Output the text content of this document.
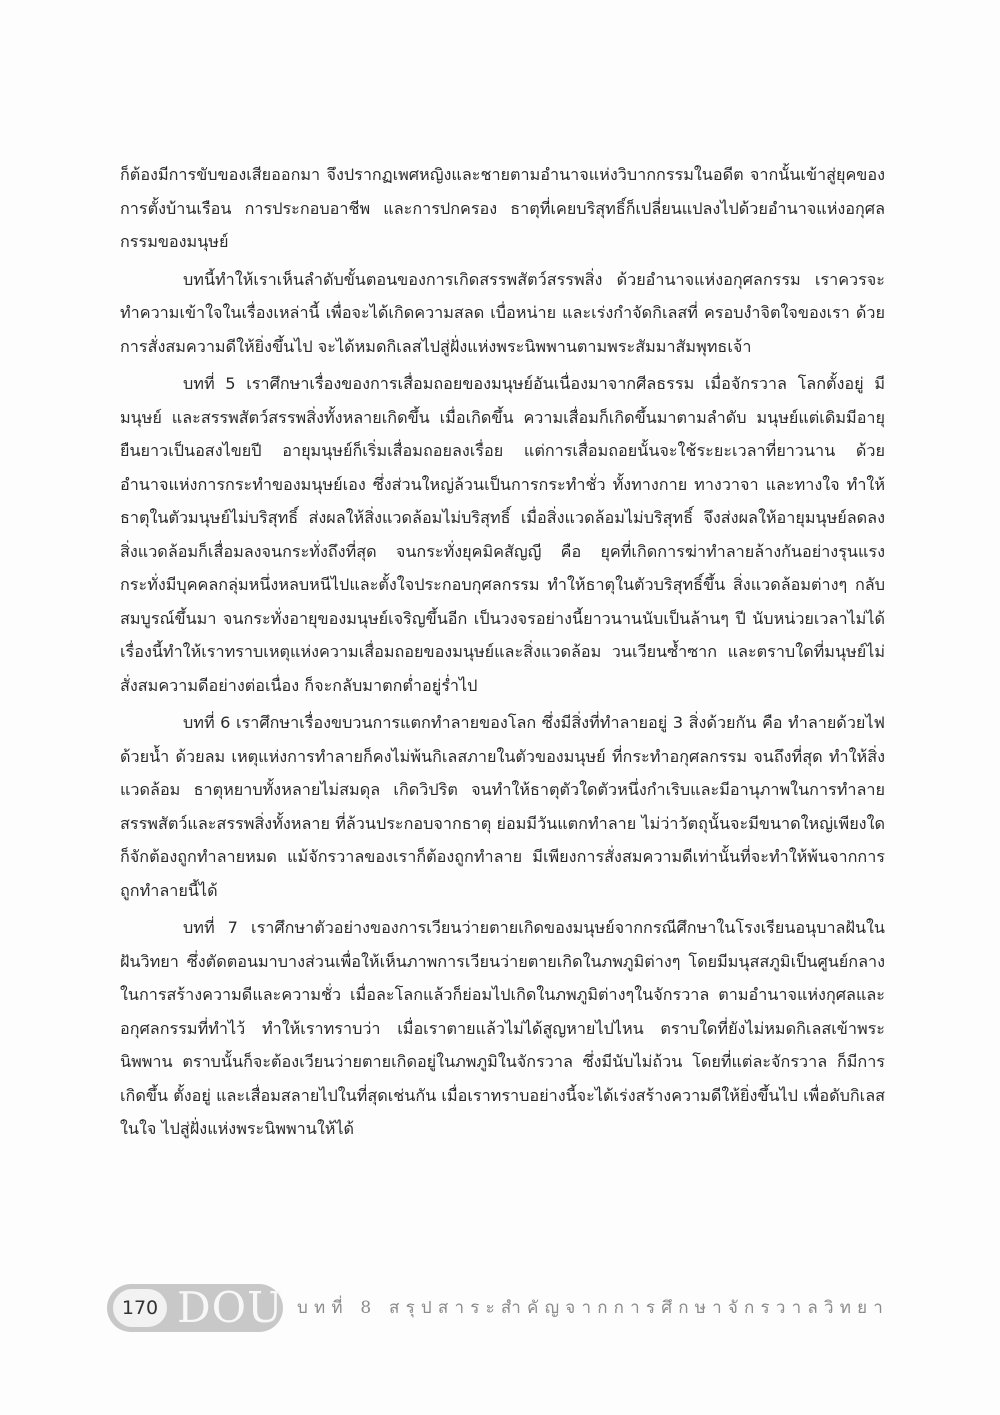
ก็ต้องมีการขับของเสียออกมา จึงปรากฏเพศหญิงและชายตามอำนาจแห่งวิบากกรรมในอดีต จากนั้นเข้าสู่ยุคของการตั้งบ้านเรือน การประกอบอาชีพ และการปกครอง ธาตุที่เคยบริสุทธิ์ก็เปลี่ยนแปลงไปด้วยอำนาจแห่งอกุศลกรรมของมนุษย์

บทนี้ทำให้เราเห็นลำดับขั้นตอนของการเกิดสรรพสัตว์สรรพสิ่ง ด้วยอำนาจแห่งอกุศลกรรม เราควรจะทำความเข้าใจในเรื่องเหล่านี้ เพื่อจะได้เกิดความสลด เบื่อหน่าย และเร่งกำจัดกิเลสที่ ครอบงำจิตใจของเรา ด้วยการสั่งสมความดีให้ยิ่งขึ้นไป จะได้หมดกิเลสไปสู่ฝั่งแห่งพระนิพพานตามพระสัมมาสัมพุทธเจ้า

บทที่ 5 เราศึกษาเรื่องของการเสื่อมถอยของมนุษย์อันเนื่องมาจากศีลธรรม เมื่อจักรวาล โลกตั้งอยู่ มีมนุษย์ และสรรพสัตว์สรรพสิ่งทั้งหลายเกิดขึ้น เมื่อเกิดขึ้น ความเสื่อมก็เกิดขึ้นมาตามลำดับ มนุษย์แต่เดิมมีอายุยืนยาวเป็นอสงไขยปี อายุมนุษย์ก็เริ่มเสื่อมถอยลงเรื่อย แต่การเสื่อมถอยนั้นจะใช้ระยะเวลาที่ยาวนาน ด้วยอำนาจแห่งการกระทำของมนุษย์เอง ซึ่งส่วนใหญ่ล้วนเป็นการกระทำชั่ว ทั้งทางกาย ทางวาจา และทางใจ ทำให้ธาตุในตัวมนุษย์ไม่บริสุทธิ์ ส่งผลให้สิ่งแวดล้อมไม่บริสุทธิ์ เมื่อสิ่งแวดล้อมไม่บริสุทธิ์ จึงส่งผลให้อายุมนุษย์ลดลง สิ่งแวดล้อมก็เสื่อมลงจนกระทั่งถึงที่สุด จนกระทั่งยุคมิคสัญญี คือ ยุคที่เกิดการฆ่าทำลายล้างกันอย่างรุนแรง กระทั่งมีบุคคลกลุ่มหนึ่งหลบหนีไปและตั้งใจประกอบกุศลกรรม ทำให้ธาตุในตัวบริสุทธิ์ขึ้น สิ่งแวดล้อมต่างๆ กลับสมบูรณ์ขึ้นมา จนกระทั่งอายุของมนุษย์เจริญขึ้นอีก เป็นวงจรอย่างนี้ยาวนานนับเป็นล้านๆ ปี นับหน่วยเวลาไม่ได้ เรื่องนี้ทำให้เราทราบเหตุแห่งความเสื่อมถอยของมนุษย์และสิ่งแวดล้อม วนเวียนซ้ำซาก และตราบใดที่มนุษย์ไม่สั่งสมความดีอย่างต่อเนื่อง ก็จะกลับมาตกต่ำอยู่ร่ำไป

บทที่ 6 เราศึกษาเรื่องขบวนการแตกทำลายของโลก ซึ่งมีสิ่งที่ทำลายอยู่ 3 สิ่งด้วยกัน คือ ทำลายด้วยไฟ ด้วยน้ำ ด้วยลม เหตุแห่งการทำลายก็คงไม่พ้นกิเลสภายในตัวของมนุษย์ ที่กระทำอกุศลกรรม จนถึงที่สุด ทำให้สิ่งแวดล้อม ธาตุหยาบทั้งหลายไม่สมดุล เกิดวิปริต จนทำให้ธาตุตัวใดตัวหนึ่งกำเริบและมีอานุภาพในการทำลายสรรพสัตว์และสรรพสิ่งทั้งหลาย ที่ล้วนประกอบจากธาตุ ย่อมมีวันแตกทำลาย ไม่ว่าวัตถุนั้นจะมีขนาดใหญ่เพียงใด ก็จักต้องถูกทำลายหมด แม้จักรวาลของเราก็ต้องถูกทำลาย มีเพียงการสั่งสมความดีเท่านั้นที่จะทำให้พ้นจากการถูกทำลายนี้ได้

บทที่ 7 เราศึกษาตัวอย่างของการเวียนว่ายตายเกิดของมนุษย์จากกรณีศึกษาในโรงเรียนอนุบาลฝันในฝันวิทยา ซึ่งตัดตอนมาบางส่วนเพื่อให้เห็นภาพการเวียนว่ายตายเกิดในภพภูมิต่างๆ โดยมีมนุสสภูมิเป็นศูนย์กลางในการสร้างความดีและความชั่ว เมื่อละโลกแล้วก็ย่อมไปเกิดในภพภูมิต่างๆในจักรวาล ตามอำนาจแห่งกุศลและอกุศลกรรมที่ทำไว้ ทำให้เราทราบว่า เมื่อเราตายแล้วไม่ได้สูญหายไปไหน ตราบใดที่ยังไม่หมดกิเลสเข้าพระนิพพาน ตราบนั้นก็จะต้องเวียนว่ายตายเกิดอยู่ในภพภูมิในจักรวาล ซึ่งมีนับไม่ถ้วน โดยที่แต่ละจักรวาล ก็มีการเกิดขึ้น ตั้งอยู่ และเสื่อมสลายไปในที่สุดเช่นกัน เมื่อเราทราบอย่างนี้จะได้เร่งสร้างความดีให้ยิ่งขึ้นไป เพื่อดับกิเลสในใจ ไปสู่ฝั่งแห่งพระนิพพานให้ได้

170 DOU บทที่ 8 สรุปสาระสำคัญจากการศึกษาจักรวาลวิทยา
